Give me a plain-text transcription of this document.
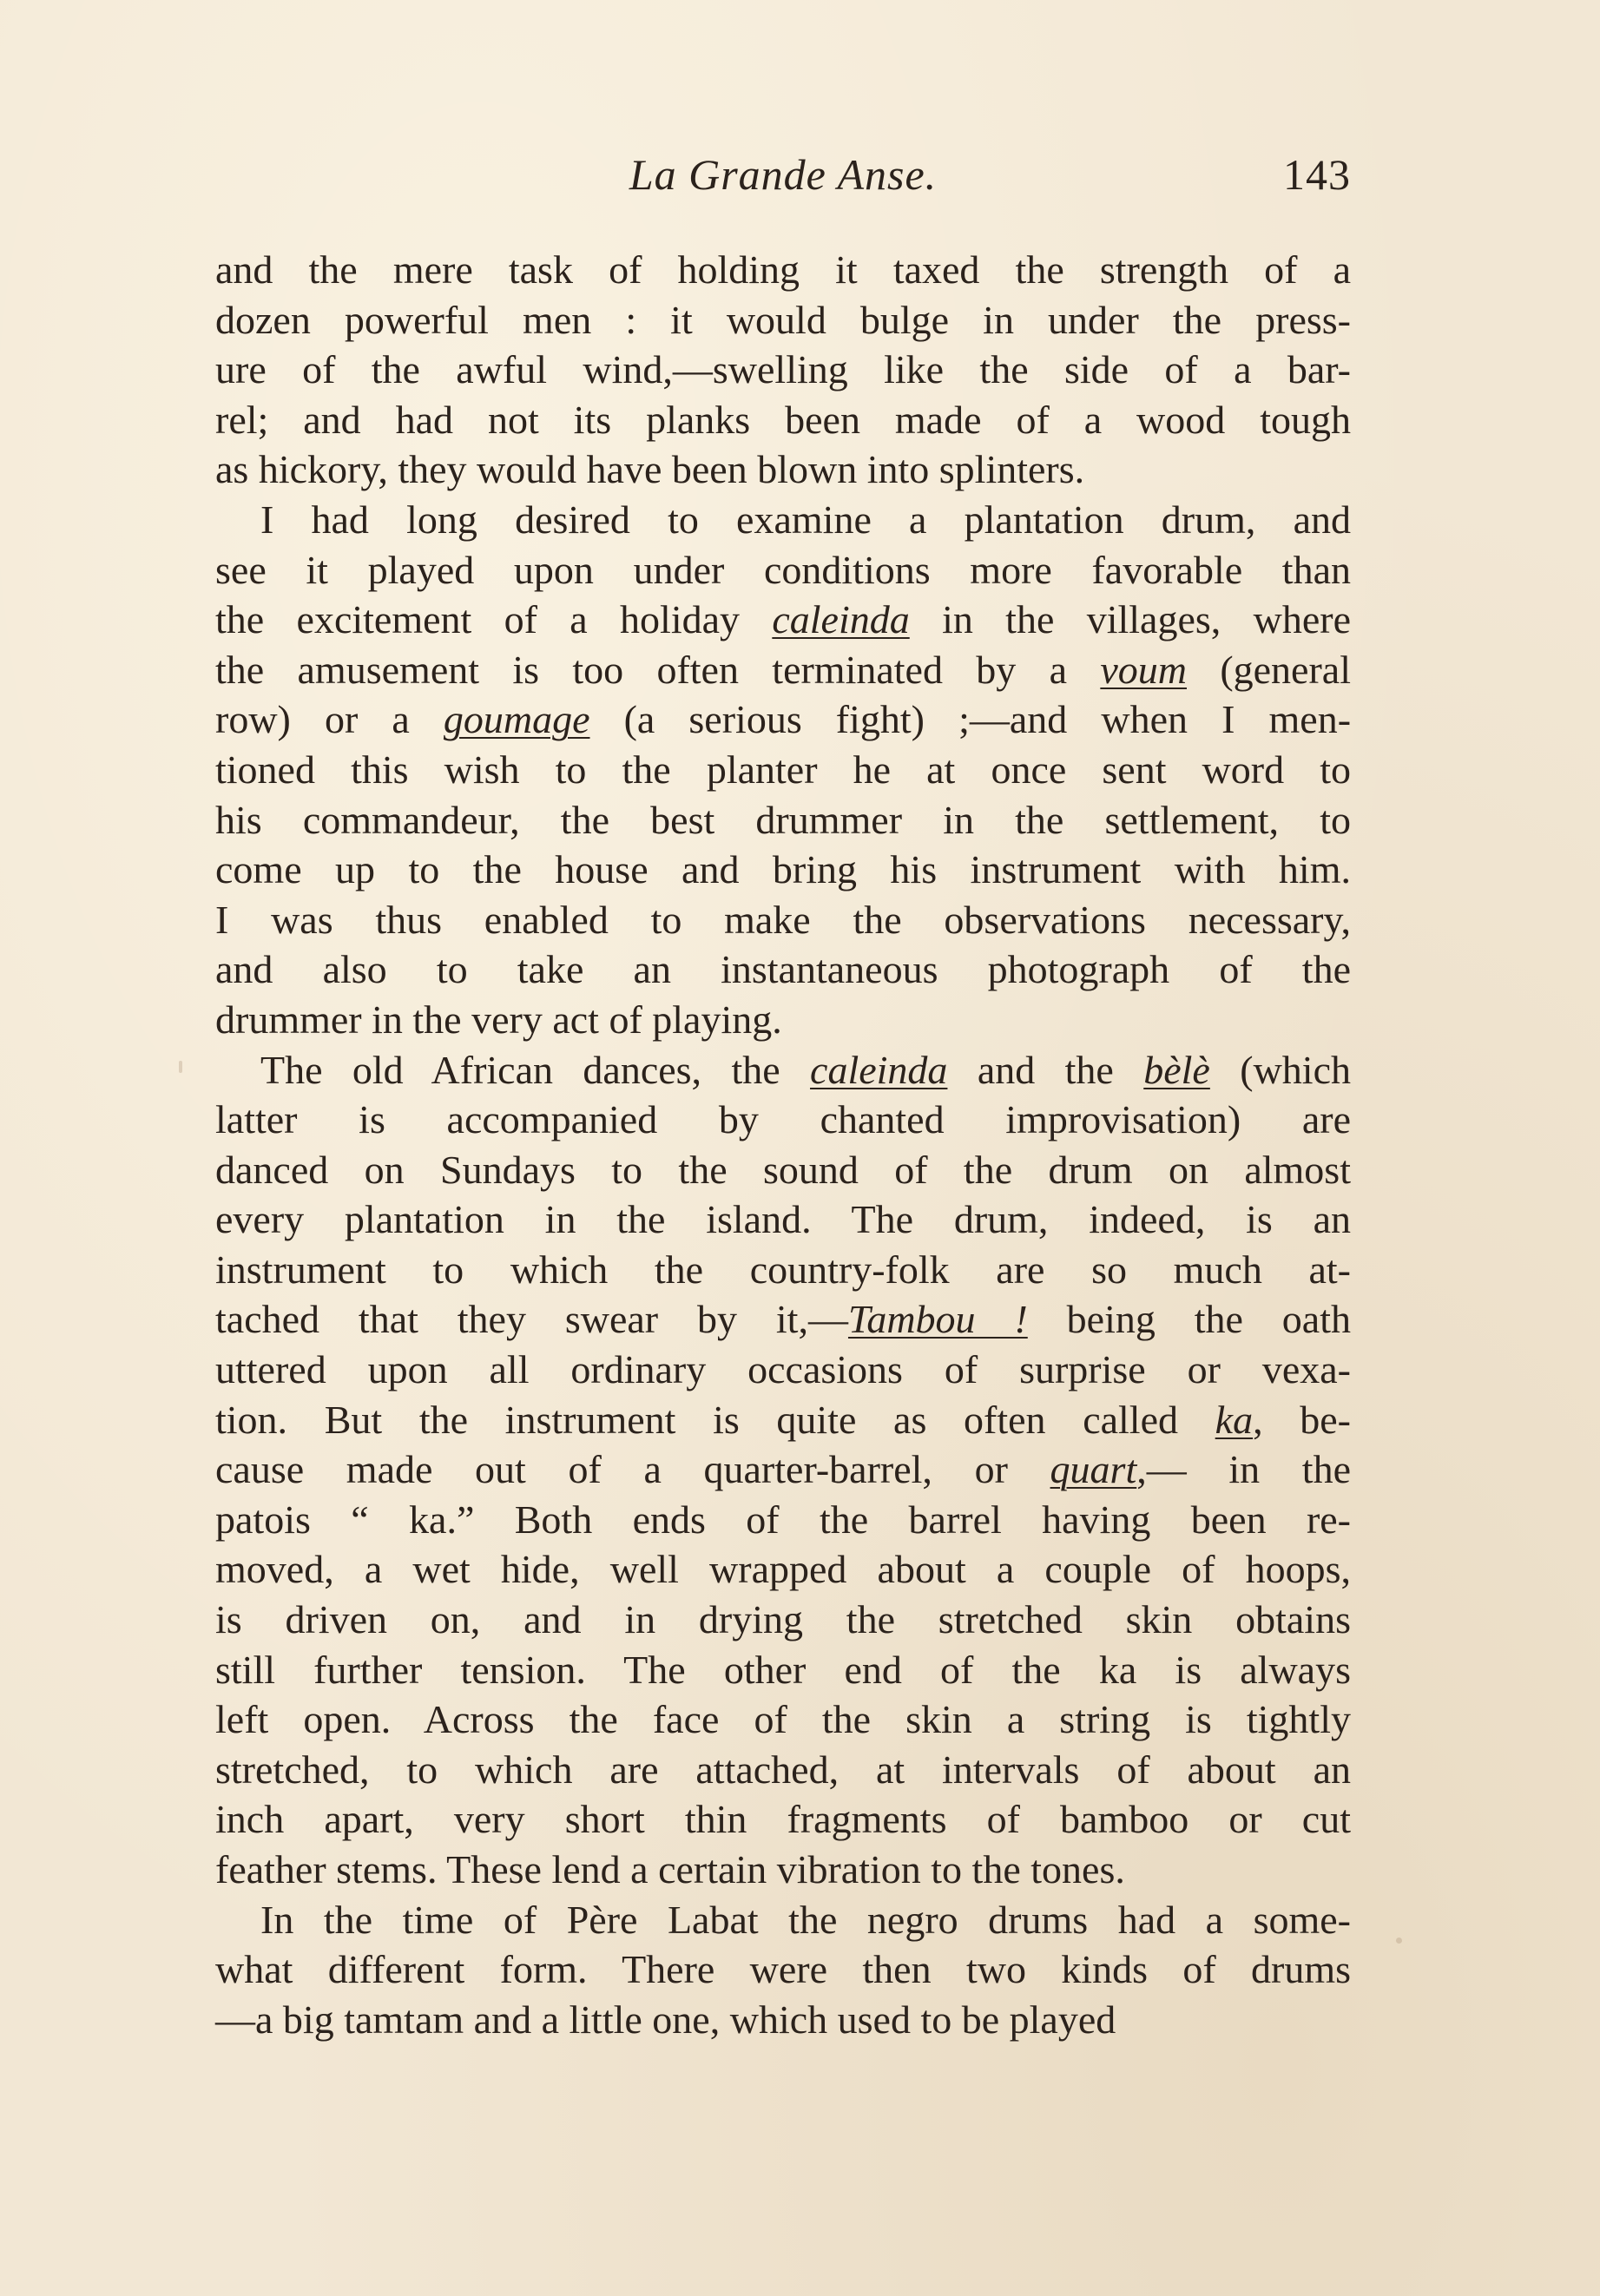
La Grande Anse.	143
and the mere task of holding it taxed the strength of a
dozen powerful men : it would bulge in under the press-
ure of the awful wind,—swelling like the side of a bar-
rel; and had not its planks been made of a wood tough
as hickory, they would have been blown into splinters.
I had long desired to examine a plantation drum, and
see it played upon under conditions more favorable than
the excitement of a holiday caleinda in the villages, where
the amusement is too often terminated by a voum (general
row) or a goumage (a serious fight) ;—and when I men-
tioned this wish to the planter he at once sent word to
his commandeur, the best drummer in the settlement, to
come up to the house and bring his instrument with him.
I was thus enabled to make the observations necessary,
and also to take an instantaneous photograph of the
drummer in the very act of playing.
The old African dances, the caleinda and the bèlè (which
latter is accompanied by chanted improvisation) are
danced on Sundays to the sound of the drum on almost
every plantation in the island. The drum, indeed, is an
instrument to which the country-folk are so much at-
tached that they swear by it,—Tambou ! being the oath
uttered upon all ordinary occasions of surprise or vexa-
tion. But the instrument is quite as often called ka, be-
cause made out of a quarter-barrel, or quart,— in the
patois “ ka.” Both ends of the barrel having been re-
moved, a wet hide, well wrapped about a couple of hoops,
is driven on, and in drying the stretched skin obtains
still further tension. The other end of the ka is always
left open. Across the face of the skin a string is tightly
stretched, to which are attached, at intervals of about an
inch apart, very short thin fragments of bamboo or cut
feather stems. These lend a certain vibration to the tones.
In the time of Père Labat the negro drums had a some-
what different form. There were then two kinds of drums
—a big tamtam and a little one, which used to be played
